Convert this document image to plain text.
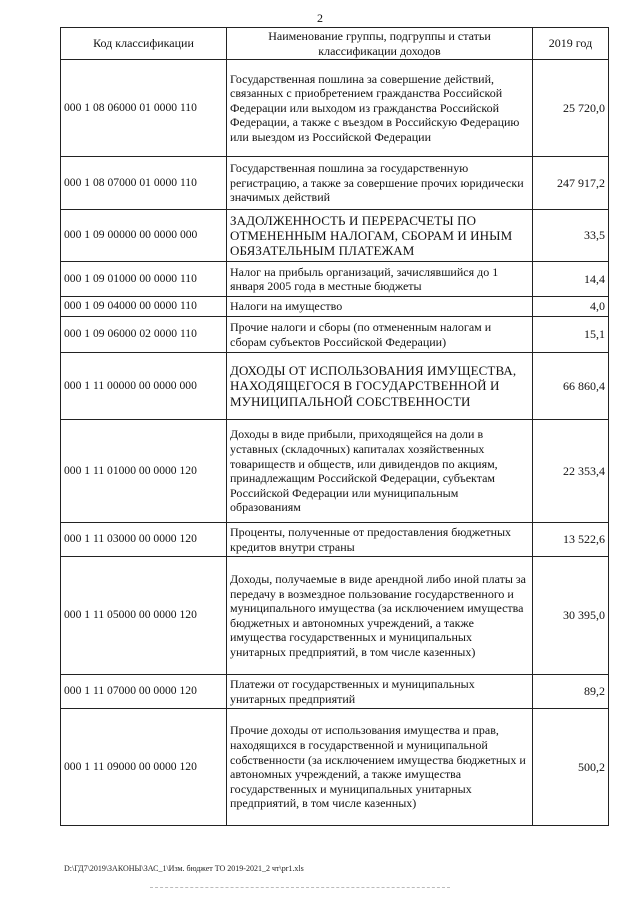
2
Код классификации	Наименование группы, подгруппы и статьи классификации доходов	2019 год
000 1 08 06000 01 0000 110	Государственная пошлина за совершение действий, связанных с приобретением гражданства Российской Федерации или выходом из гражданства Российской Федерации, а также с въездом в Российскую Федерацию или выездом из Российской Федерации	25 720,0
000 1 08 07000 01 0000 110	Государственная пошлина за государственную регистрацию, а также за совершение прочих юридически значимых действий	247 917,2
000 1 09 00000 00 0000 000	ЗАДОЛЖЕННОСТЬ И ПЕРЕРАСЧЕТЫ ПО ОТМЕНЕННЫМ НАЛОГАМ, СБОРАМ И ИНЫМ ОБЯЗАТЕЛЬНЫМ ПЛАТЕЖАМ	33,5
000 1 09 01000 00 0000 110	Налог на прибыль организаций, зачислявшийся до 1 января 2005 года в местные бюджеты	14,4
000 1 09 04000 00 0000 110	Налоги на имущество	4,0
000 1 09 06000 02 0000 110	Прочие налоги и сборы (по отмененным налогам и сборам субъектов Российской Федерации)	15,1
000 1 11 00000 00 0000 000	ДОХОДЫ ОТ ИСПОЛЬЗОВАНИЯ ИМУЩЕСТВА, НАХОДЯЩЕГОСЯ В ГОСУДАРСТВЕННОЙ И МУНИЦИПАЛЬНОЙ СОБСТВЕННОСТИ	66 860,4
000 1 11 01000 00 0000 120	Доходы в виде прибыли, приходящейся на доли в уставных (складочных) капиталах хозяйственных товариществ и обществ, или дивидендов по акциям, принадлежащим Российской Федерации, субъектам Российской Федерации или муниципальным образованиям	22 353,4
000 1 11 03000 00 0000 120	Проценты, полученные от предоставления бюджетных кредитов внутри страны	13 522,6
000 1 11 05000 00 0000 120	Доходы, получаемые в виде арендной либо иной платы за передачу в возмездное пользование государственного и муниципального имущества (за исключением имущества бюджетных и автономных учреждений, а также имущества государственных и муниципальных унитарных предприятий, в том числе казенных)	30 395,0
000 1 11 07000 00 0000 120	Платежи от государственных и муниципальных унитарных предприятий	89,2
000 1 11 09000 00 0000 120	Прочие доходы от использования имущества и прав, находящихся в государственной и муниципальной собственности (за исключением имущества бюджетных и автономных учреждений, а также имущества государственных и муниципальных унитарных предприятий, в том числе казенных)	500,2
D:\ГД7\2019\ЗАКОНЫ\ЗАС_1\Изм. бюджет ТО 2019-2021_2 чт\pr1.xls
